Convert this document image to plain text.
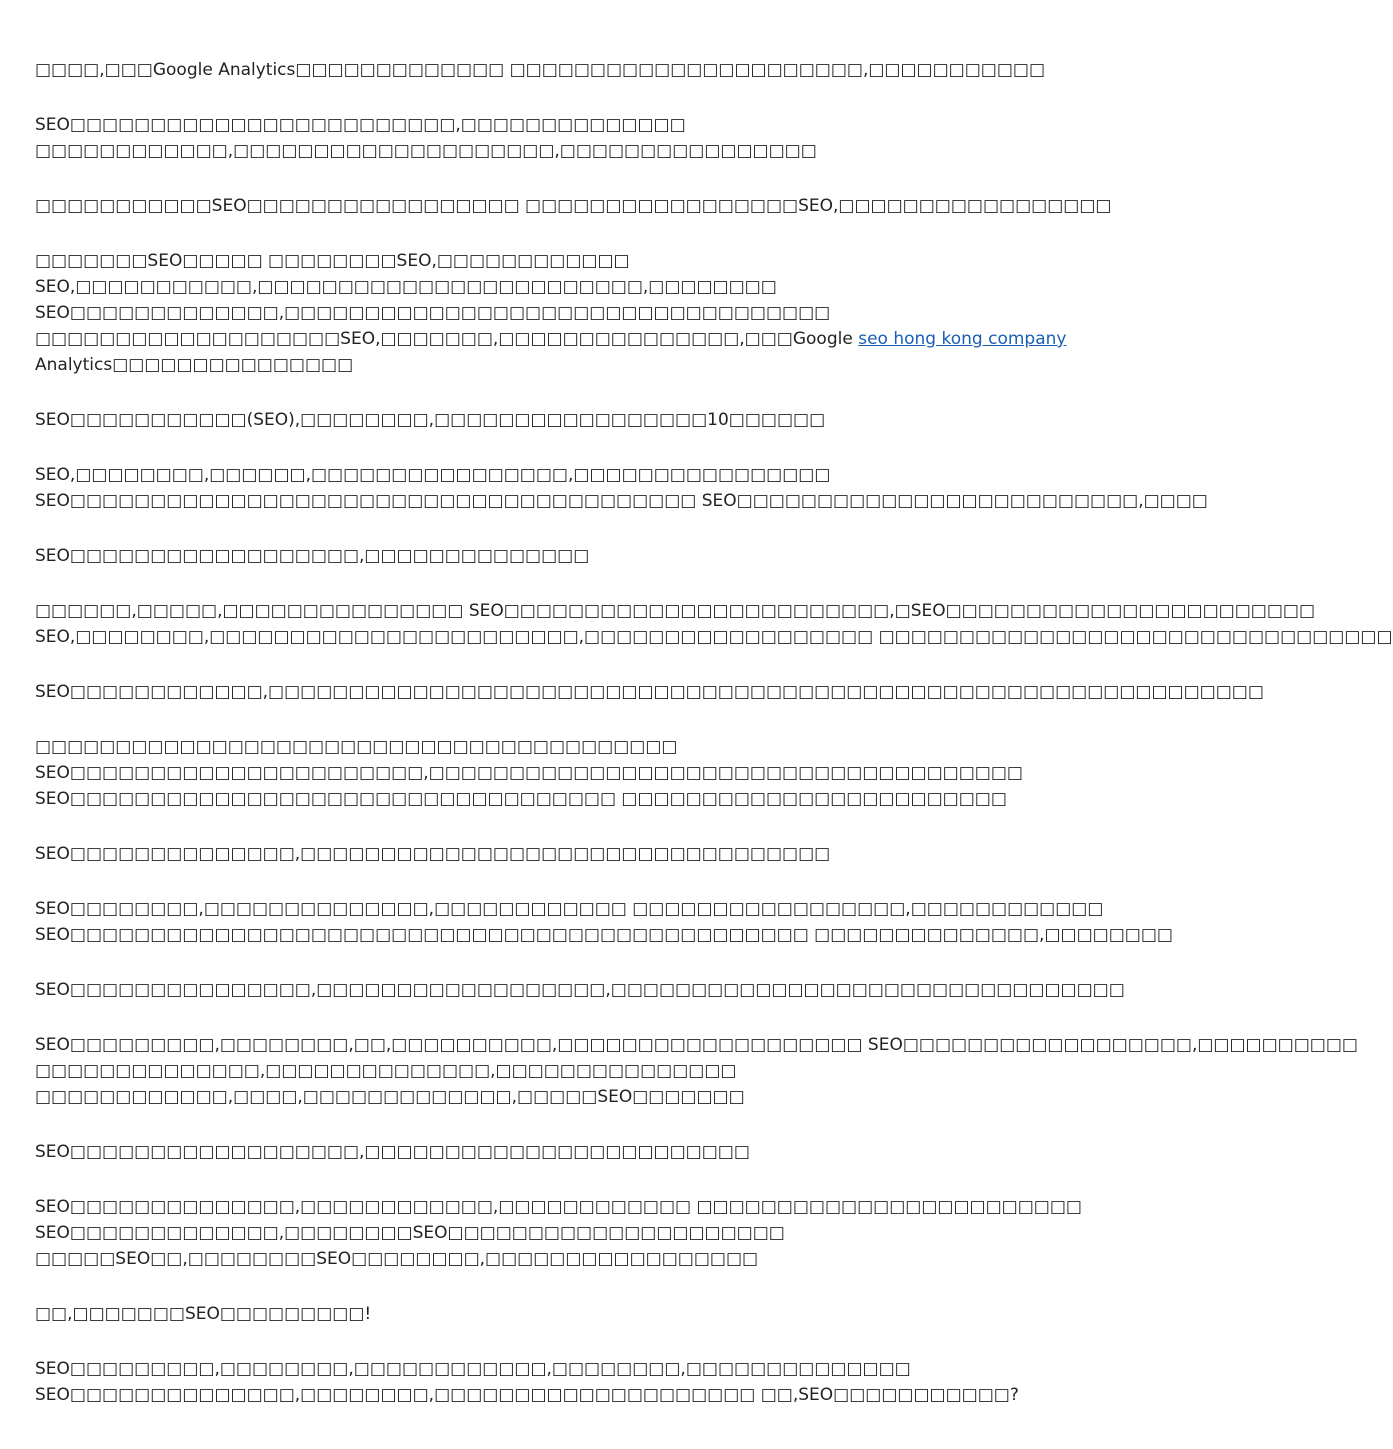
□□□□,□□□Google Analytics□□□□□□□□□□□□□ □□□□□□□□□□□□□□□□□□□□□□,□□□□□□□□□□□

SEO□□□□□□□□□□□□□□□□□□□□□□□□,□□□□□□□□□□□□□□
□□□□□□□□□□□□,□□□□□□□□□□□□□□□□□□□□,□□□□□□□□□□□□□□□□

□□□□□□□□□□□SEO□□□□□□□□□□□□□□□□□ □□□□□□□□□□□□□□□□□SEO,□□□□□□□□□□□□□□□□□

□□□□□□□SEO□□□□□ □□□□□□□□SEO,□□□□□□□□□□□□
SEO,□□□□□□□□□□□,□□□□□□□□□□□□□□□□□□□□□□□□,□□□□□□□□
SEO□□□□□□□□□□□□□,□□□□□□□□□□□□□□□□□□□□□□□□□□□□□□□□□□
□□□□□□□□□□□□□□□□□□□SEO,□□□□□□□,□□□□□□□□□□□□□□□,□□□Google seo hong kong company
Analytics□□□□□□□□□□□□□□□

SEO□□□□□□□□□□□(SEO),□□□□□□□□,□□□□□□□□□□□□□□□□□10□□□□□□

SEO,□□□□□□□□,□□□□□□,□□□□□□□□□□□□□□□□,□□□□□□□□□□□□□□□□
SEO□□□□□□□□□□□□□□□□□□□□□□□□□□□□□□□□□□□□□□□ SEO□□□□□□□□□□□□□□□□□□□□□□□□□,□□□□

SEO□□□□□□□□□□□□□□□□□□,□□□□□□□□□□□□□□

□□□□□□,□□□□□,□□□□□□□□□□□□□□□ SEO□□□□□□□□□□□□□□□□□□□□□□□□,□SEO□□□□□□□□□□□□□□□□□□□□□□□
SEO,□□□□□□□□,□□□□□□□□□□□□□□□□□□□□□□□,□□□□□□□□□□□□□□□□□□ □□□□□□□□□□□□□□□□□□□□□□□□□□□□□□□□

SEO□□□□□□□□□□□□,□□□□□□□□□□□□□□□□□□□□□□□□□□□□□□□□□□□□□□□□□□□□□□□□□□□□□□□□□□□□□□

□□□□□□□□□□□□□□□□□□□□□□□□□□□□□□□□□□□□□□□□
SEO□□□□□□□□□□□□□□□□□□□□□□,□□□□□□□□□□□□□□□□□□□□□□□□□□□□□□□□□□□□□
SEO□□□□□□□□□□□□□□□□□□□□□□□□□□□□□□□□□□ □□□□□□□□□□□□□□□□□□□□□□□□

SEO□□□□□□□□□□□□□□,□□□□□□□□□□□□□□□□□□□□□□□□□□□□□□□□□

SEO□□□□□□□□,□□□□□□□□□□□□□□,□□□□□□□□□□□□ □□□□□□□□□□□□□□□□□,□□□□□□□□□□□□
SEO□□□□□□□□□□□□□□□□□□□□□□□□□□□□□□□□□□□□□□□□□□□□□□ □□□□□□□□□□□□□□,□□□□□□□□

SEO□□□□□□□□□□□□□□□,□□□□□□□□□□□□□□□□□□,□□□□□□□□□□□□□□□□□□□□□□□□□□□□□□□□

SEO□□□□□□□□□,□□□□□□□□,□□,□□□□□□□□□□,□□□□□□□□□□□□□□□□□□□ SEO□□□□□□□□□□□□□□□□□□,□□□□□□□□□□
□□□□□□□□□□□□□□,□□□□□□□□□□□□□□,□□□□□□□□□□□□□□□
□□□□□□□□□□□□,□□□□,□□□□□□□□□□□□□,□□□□□SEO□□□□□□□

SEO□□□□□□□□□□□□□□□□□□,□□□□□□□□□□□□□□□□□□□□□□□□

SEO□□□□□□□□□□□□□□,□□□□□□□□□□□□,□□□□□□□□□□□□ □□□□□□□□□□□□□□□□□□□□□□□□
SEO□□□□□□□□□□□□□,□□□□□□□□SEO□□□□□□□□□□□□□□□□□□□□□
□□□□□SEO□□,□□□□□□□□SEO□□□□□□□□,□□□□□□□□□□□□□□□□□

□□,□□□□□□□SEO□□□□□□□□□!

SEO□□□□□□□□□,□□□□□□□□,□□□□□□□□□□□□,□□□□□□□□,□□□□□□□□□□□□□□
SEO□□□□□□□□□□□□□□,□□□□□□□□,□□□□□□□□□□□□□□□□□□□□ □□,SEO□□□□□□□□□□□?
